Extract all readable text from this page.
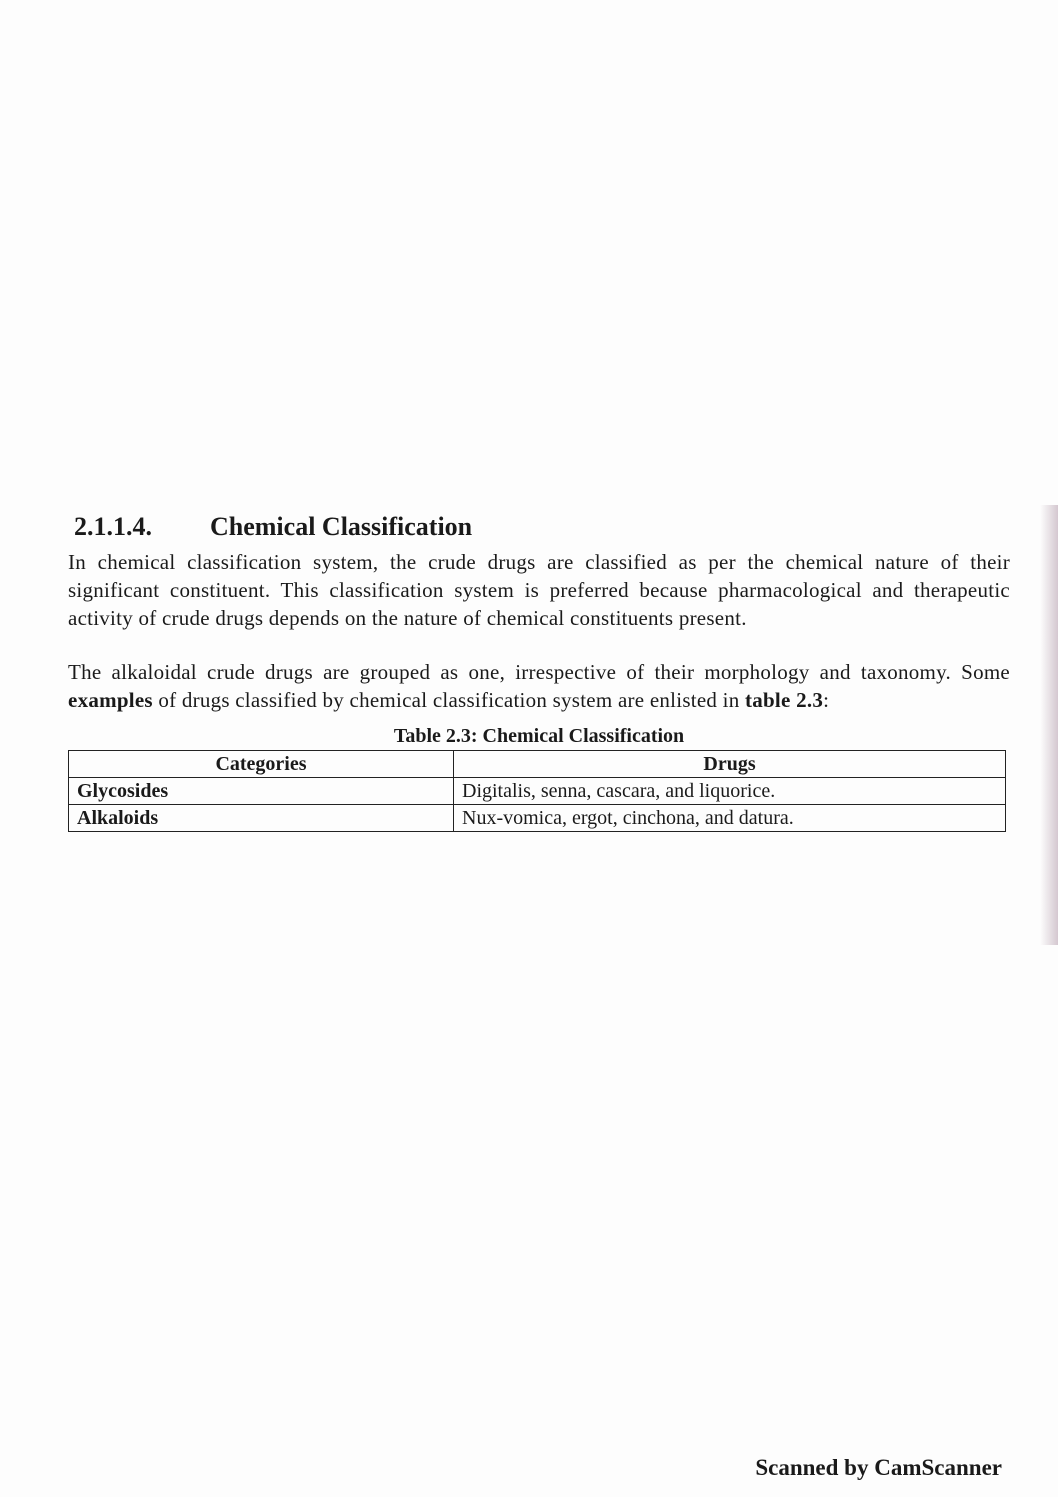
2.1.1.4. Chemical Classification

In chemical classification system, the crude drugs are classified as per the chemical nature of their significant constituent. This classification system is preferred because pharmacological and therapeutic activity of crude drugs depends on the nature of chemical constituents present.

The alkaloidal crude drugs are grouped as one, irrespective of their morphology and taxonomy. Some examples of drugs classified by chemical classification system are enlisted in table 2.3:

Table 2.3: Chemical Classification
Categories	Drugs
Glycosides	Digitalis, senna, cascara, and liquorice.
Alkaloids	Nux-vomica, ergot, cinchona, and datura.
Scanned by CamScanner
